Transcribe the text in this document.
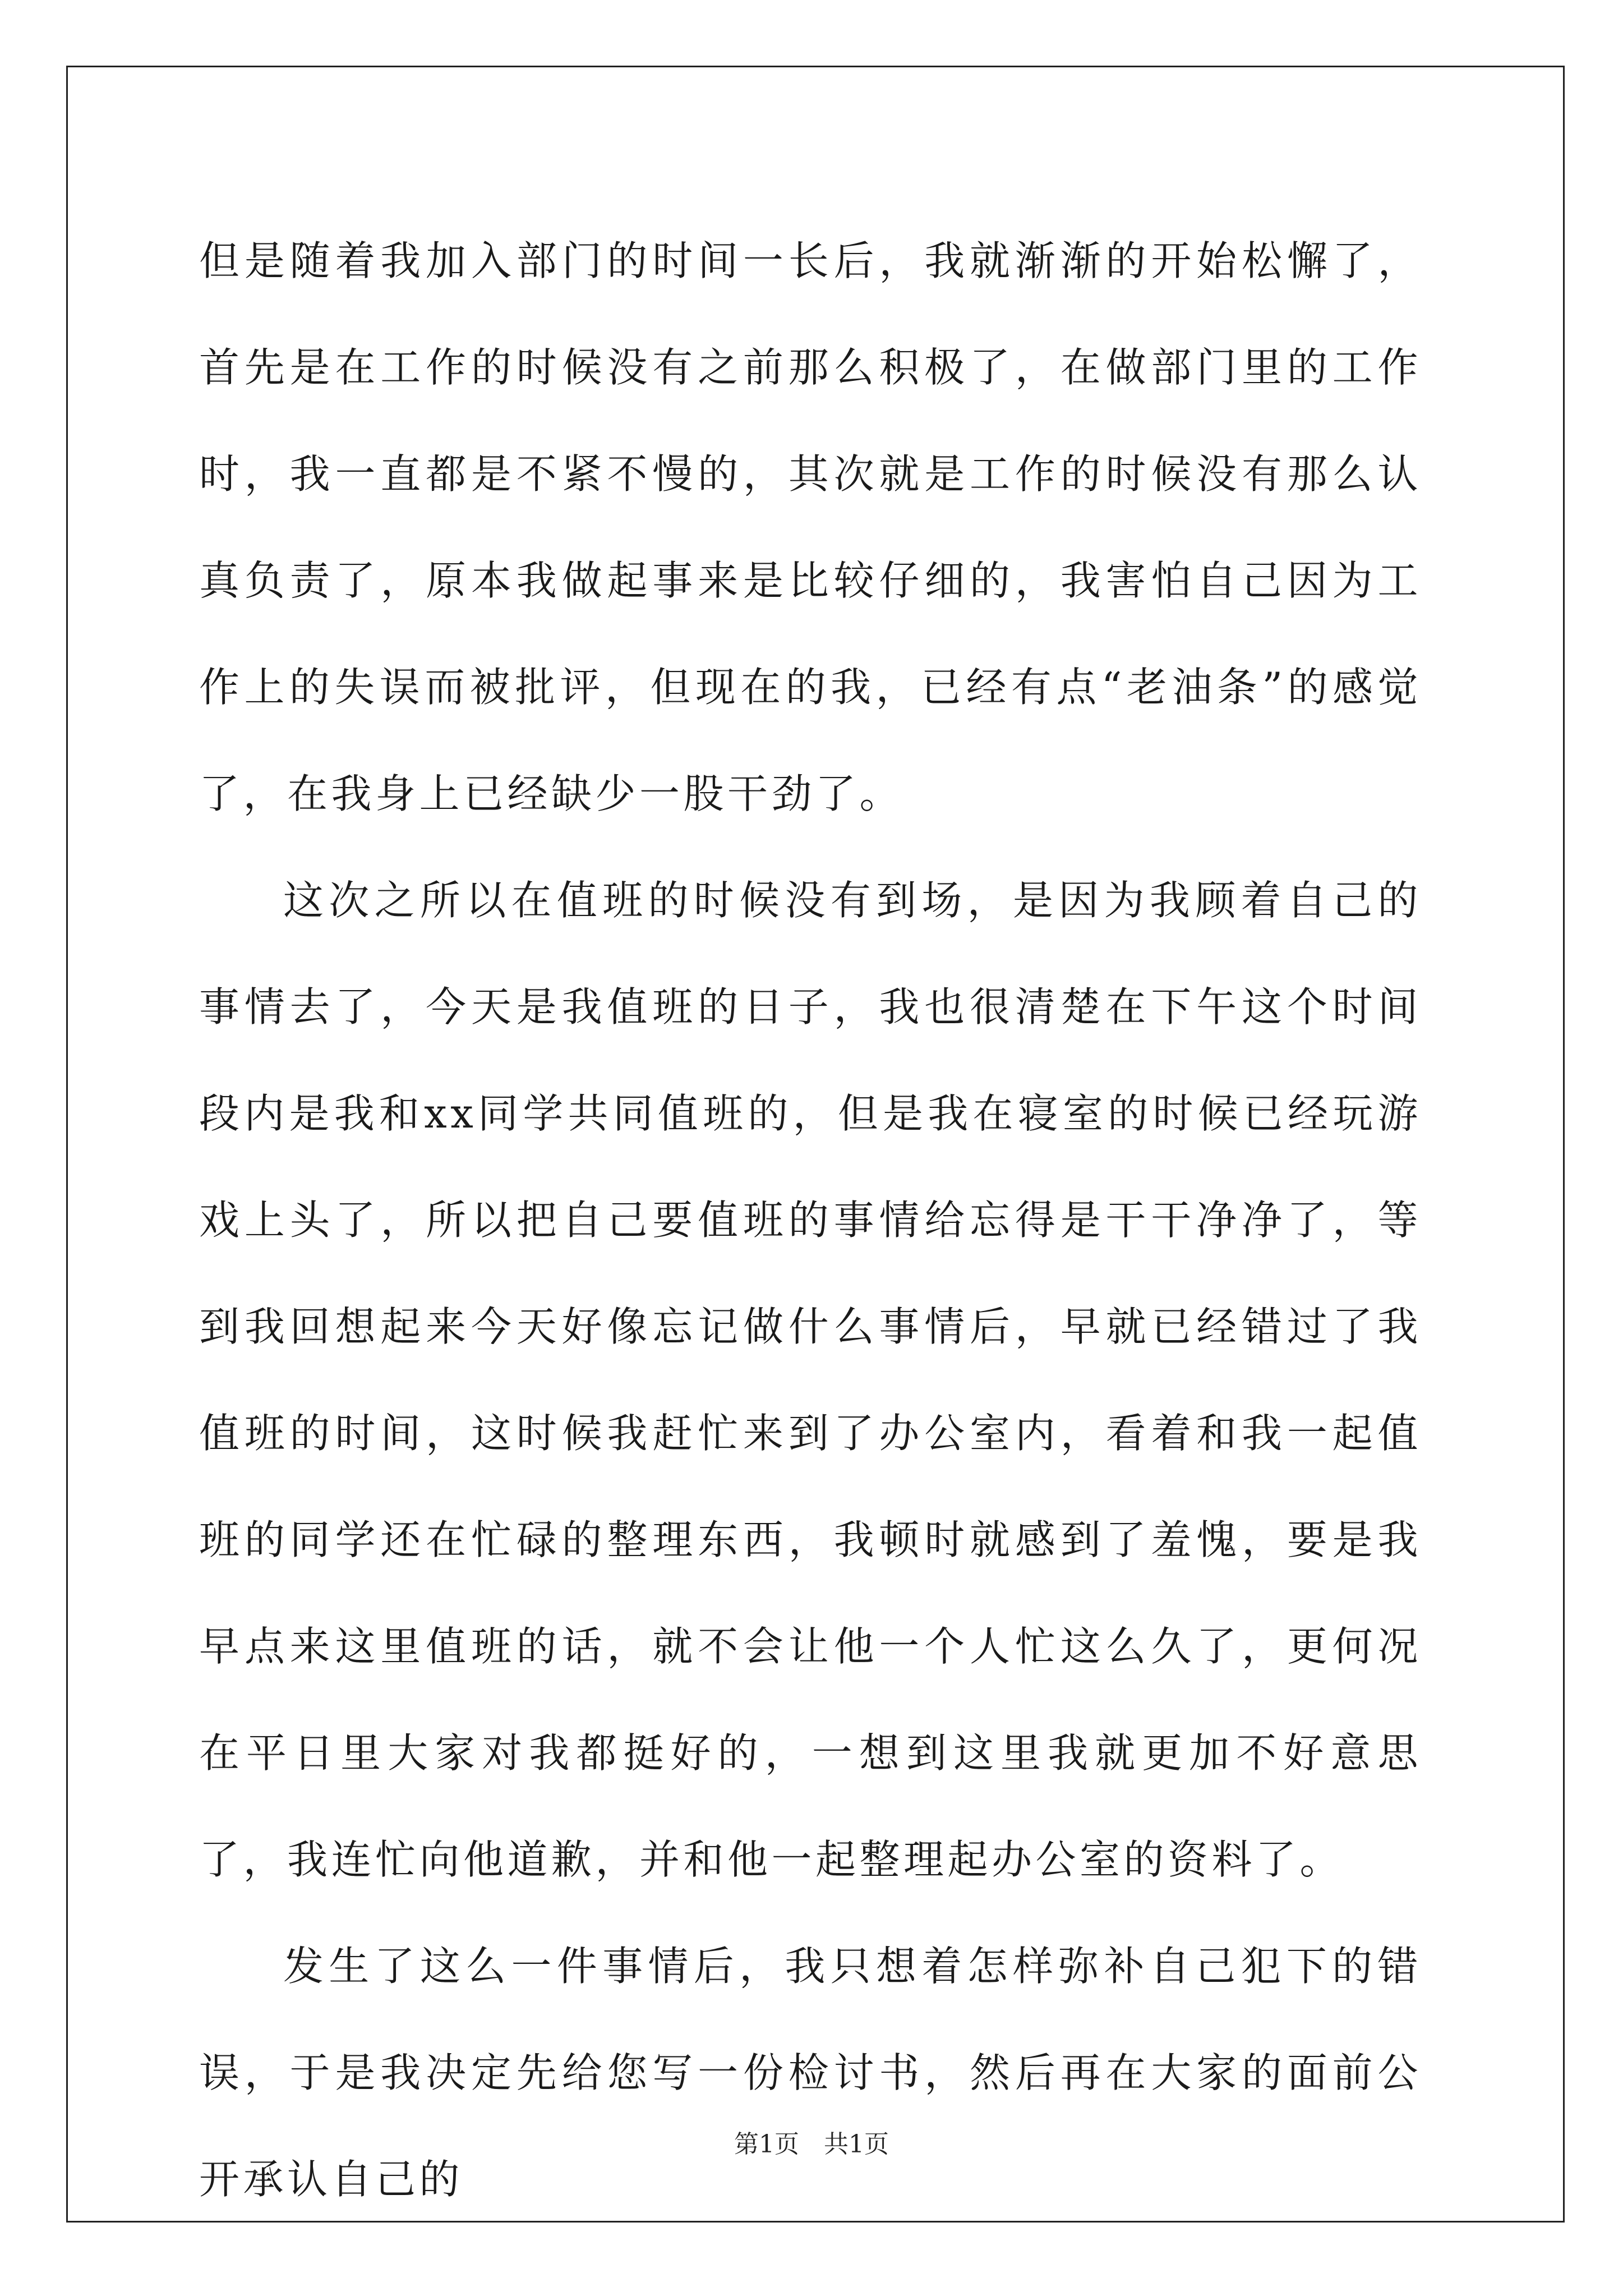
但是随着我加入部门的时间一长后，我就渐渐的开始松懈了，首先是在工作的时候没有之前那么积极了，在做部门里的工作时，我一直都是不紧不慢的，其次就是工作的时候没有那么认真负责了，原本我做起事来是比较仔细的，我害怕自己因为工作上的失误而被批评，但现在的我，已经有点“老油条”的感觉了，在我身上已经缺少一股干劲了。

这次之所以在值班的时候没有到场，是因为我顾着自己的事情去了，今天是我值班的日子，我也很清楚在下午这个时间段内是我和xx同学共同值班的，但是我在寝室的时候已经玩游戏上头了，所以把自己要值班的事情给忘得是干干净净了，等到我回想起来今天好像忘记做什么事情后，早就已经错过了我值班的时间，这时候我赶忙来到了办公室内，看着和我一起值班的同学还在忙碌的整理东西，我顿时就感到了羞愧，要是我早点来这里值班的话，就不会让他一个人忙这么久了，更何况在平日里大家对我都挺好的，一想到这里我就更加不好意思了，我连忙向他道歉，并和他一起整理起办公室的资料了。

发生了这么一件事情后，我只想着怎样弥补自己犯下的错误，于是我决定先给您写一份检讨书，然后再在大家的面前公开承认自己的

第1页　共1页
